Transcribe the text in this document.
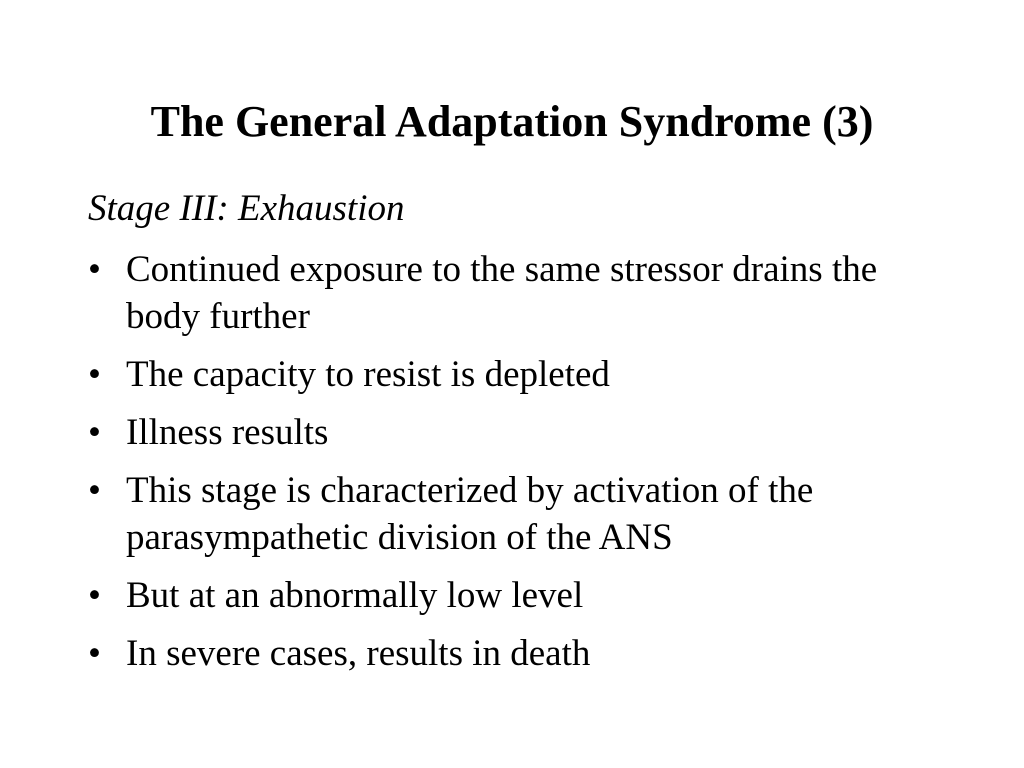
The General Adaptation Syndrome (3)

Stage III: Exhaustion

• Continued exposure to the same stressor drains the body further
• The capacity to resist is depleted
• Illness results
• This stage is characterized by activation of the parasympathetic division of the ANS
• But at an abnormally low level
• In severe cases, results in death
